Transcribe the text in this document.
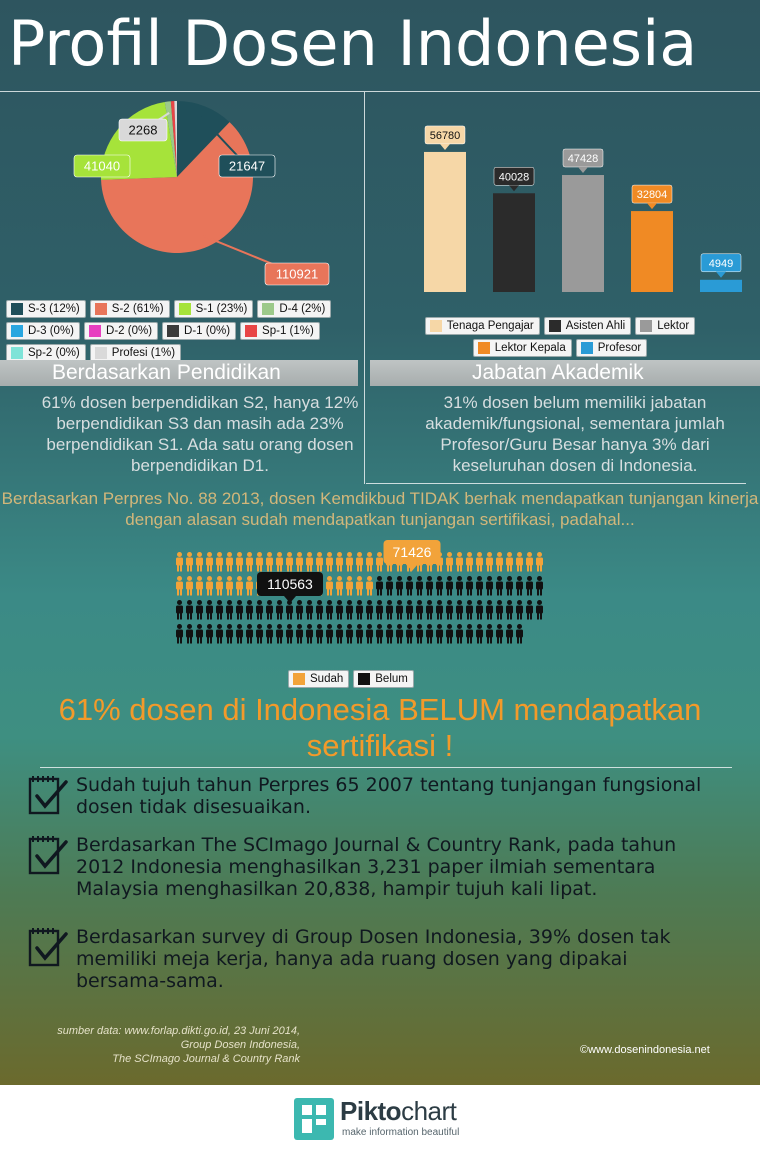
Profil Dosen Indonesia
21647
110921
41040
2268
S-3 (12%)	S-2 (61%)	S-1 (23%)	D-4 (2%)
D-3 (0%)	D-2 (0%)	D-1 (0%)	Sp-1 (1%)
Sp-2 (0%)	Profesi (1%)
56780
40028
47428
32804
4949
Tenaga Pengajar	Asisten Ahli	Lektor
Lektor Kepala	Profesor
Berdasarkan Pendidikan	Jabatan Akademik
61% dosen berpendidikan S2, hanya 12% berpendidikan S3 dan masih ada 23% berpendidikan S1. Ada satu orang dosen berpendidikan D1.
31% dosen belum memiliki jabatan akademik/fungsional, sementara jumlah Profesor/Guru Besar hanya 3% dari keseluruhan dosen di Indonesia.
Berdasarkan Perpres No. 88 2013, dosen Kemdikbud TIDAK berhak mendapatkan tunjangan kinerja dengan alasan sudah mendapatkan tunjangan sertifikasi, padahal...
71426
110563
Sudah	Belum
61% dosen di Indonesia BELUM mendapatkan sertifikasi !
Sudah tujuh tahun Perpres 65 2007 tentang tunjangan fungsional dosen tidak disesuaikan.
Berdasarkan The SCImago Journal & Country Rank, pada tahun 2012 Indonesia menghasilkan 3,231 paper ilmiah sementara Malaysia menghasilkan 20,838, hampir tujuh kali lipat.
Berdasarkan survey di Group Dosen Indonesia, 39% dosen tak memiliki meja kerja, hanya ada ruang dosen yang dipakai bersama-sama.
sumber data: www.forlap.dikti.go.id, 23 Juni 2014,
Group Dosen Indonesia,
The SCImago Journal & Country Rank
©www.dosenindonesia.net
Piktochart
make information beautiful
